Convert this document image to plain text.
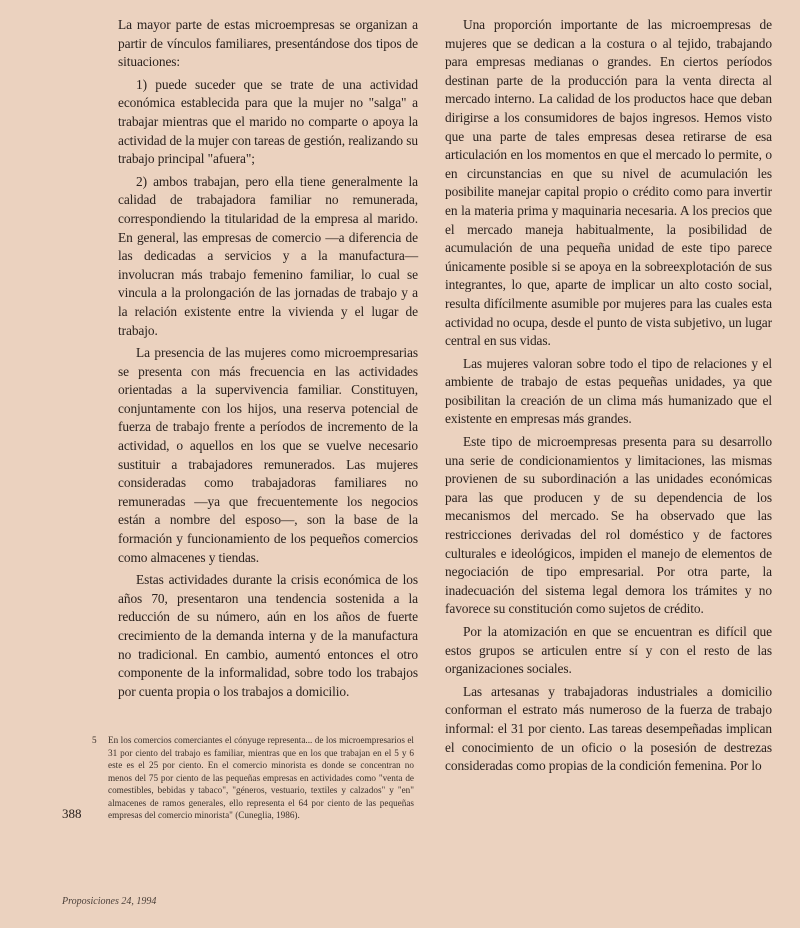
La mayor parte de estas microempresas se organizan a partir de vínculos familiares, presentándose dos tipos de situaciones:

1) puede suceder que se trate de una actividad económica establecida para que la mujer no "salga" a trabajar mientras que el marido no comparte o apoya la actividad de la mujer con tareas de gestión, realizando su trabajo principal "afuera";

2) ambos trabajan, pero ella tiene generalmente la calidad de trabajadora familiar no remunerada, correspondiendo la titularidad de la empresa al marido. En general, las empresas de comercio —a diferencia de las dedicadas a servicios y a la manufactura— involucran más trabajo femenino familiar, lo cual se vincula a la prolongación de las jornadas de trabajo y a la relación existente entre la vivienda y el lugar de trabajo.

La presencia de las mujeres como microempresarias se presenta con más frecuencia en las actividades orientadas a la supervivencia familiar. Constituyen, conjuntamente con los hijos, una reserva potencial de fuerza de trabajo frente a períodos de incremento de la actividad, o aquellos en los que se vuelve necesario sustituir a trabajadores remunerados. Las mujeres consideradas como trabajadoras familiares no remuneradas —ya que frecuentemente los negocios están a nombre del esposo—, son la base de la formación y funcionamiento de los pequeños comercios como almacenes y tiendas.

Estas actividades durante la crisis económica de los años 70, presentaron una tendencia sostenida a la reducción de su número, aún en los años de fuerte crecimiento de la demanda interna y de la manufactura no tradicional. En cambio, aumentó entonces el otro componente de la informalidad, sobre todo los trabajos por cuenta propia o los trabajos a domicilio.

Una proporción importante de las microempresas de mujeres que se dedican a la costura o al tejido, trabajando para empresas medianas o grandes. En ciertos períodos destinan parte de la producción para la venta directa al mercado interno. La calidad de los productos hace que deban dirigirse a los consumidores de bajos ingresos. Hemos visto que una parte de tales empresas desea retirarse de esa articulación en los momentos en que el mercado lo permite, o en circunstancias en que su nivel de acumulación les posibilite manejar capital propio o crédito como para invertir en la materia prima y maquinaria necesaria. A los precios que el mercado maneja habitualmente, la posibilidad de acumulación de una pequeña unidad de este tipo parece únicamente posible si se apoya en la sobreexplotación de sus integrantes, lo que, aparte de implicar un alto costo social, resulta difícilmente asumible por mujeres para las cuales esta actividad no ocupa, desde el punto de vista subjetivo, un lugar central en sus vidas.

Las mujeres valoran sobre todo el tipo de relaciones y el ambiente de trabajo de estas pequeñas unidades, ya que posibilitan la creación de un clima más humanizado que el existente en empresas más grandes.

Este tipo de microempresas presenta para su desarrollo una serie de condicionamientos y limitaciones, las mismas provienen de su subordinación a las unidades económicas para las que producen y de su dependencia de los mecanismos del mercado. Se ha observado que las restricciones derivadas del rol doméstico y de factores culturales e ideológicos, impiden el manejo de elementos de negociación de tipo empresarial. Por otra parte, la inadecuación del sistema legal demora los trámites y no favorece su constitución como sujetos de crédito.

Por la atomización en que se encuentran es difícil que estos grupos se articulen entre sí y con el resto de las organizaciones sociales.

Las artesanas y trabajadoras industriales a domicilio conforman el estrato más numeroso de la fuerza de trabajo informal: el 31 por ciento. Las tareas desempeñadas implican el conocimiento de un oficio o la posesión de destrezas consideradas como propias de la condición femenina. Por lo

5 En los comercios comerciantes el cónyuge representa... de los microempresarios el 31 por ciento del trabajo es familiar, mientras que en los que trabajan en el 5 y 6 este es el 25 por ciento. En el comercio minorista es donde se concentran no menos del 75 por ciento de las pequeñas empresas en actividades como "venta de comestibles, bebidas y tabaco", "géneros, vestuario, textiles y calzados" y "en" almacenes de ramos generales, ello representa el 64 por ciento de las pequeñas empresas del comercio minorista" (Cuneglia, 1986).
388
Proposiciones 24, 1994
